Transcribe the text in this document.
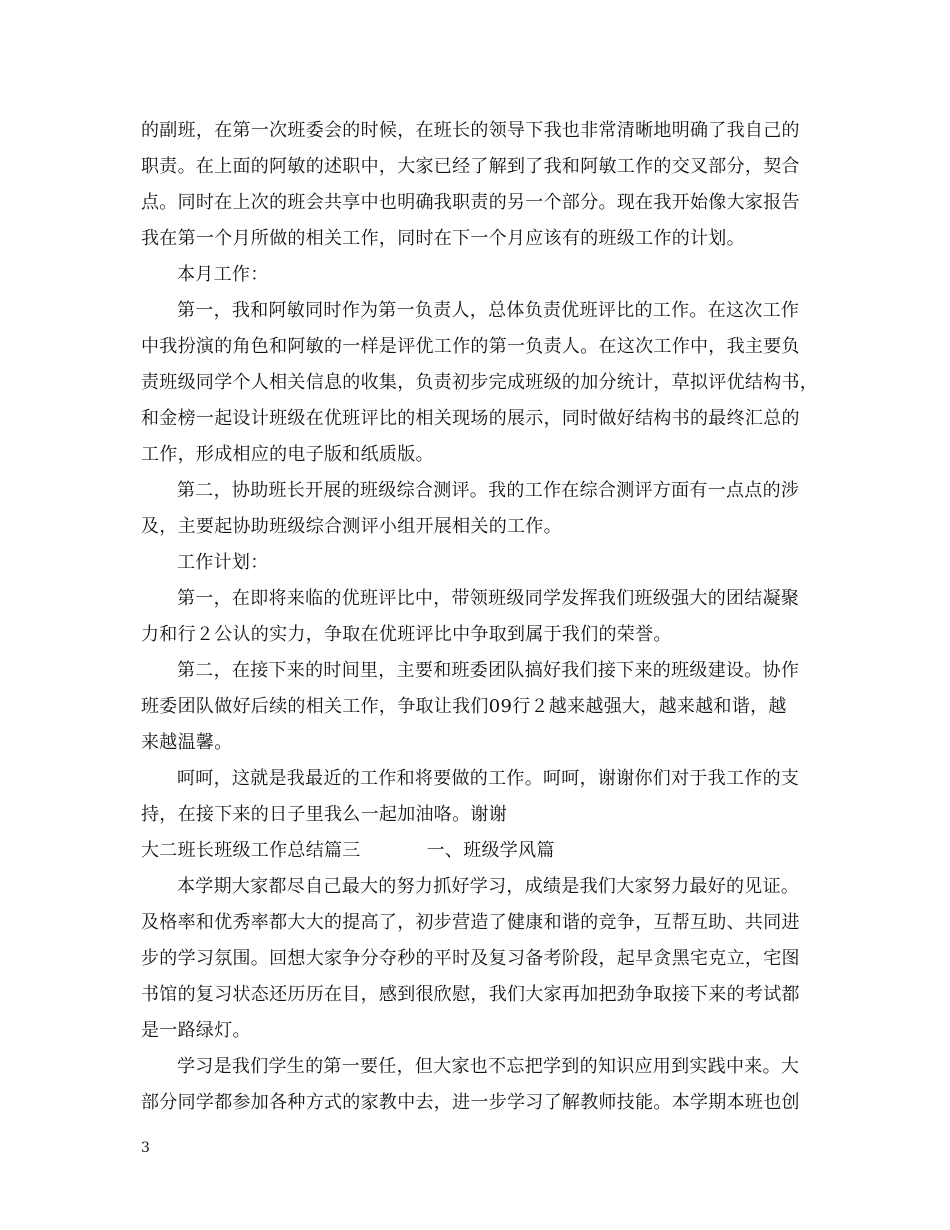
的副班，在第一次班委会的时候，在班长的领导下我也非常清晰地明确了我自己的
职责。在上面的阿敏的述职中，大家已经了解到了我和阿敏工作的交叉部分，契合
点。同时在上次的班会共享中也明确我职责的另一个部分。现在我开始像大家报告
我在第一个月所做的相关工作，同时在下一个月应该有的班级工作的计划。
本月工作：
第一，我和阿敏同时作为第一负责人，总体负责优班评比的工作。在这次工作
中我扮演的角色和阿敏的一样是评优工作的第一负责人。在这次工作中，我主要负
责班级同学个人相关信息的收集，负责初步完成班级的加分统计，草拟评优结构书，
和金榜一起设计班级在优班评比的相关现场的展示，同时做好结构书的最终汇总的
工作，形成相应的电子版和纸质版。
第二，协助班长开展的班级综合测评。我的工作在综合测评方面有一点点的涉
及，主要起协助班级综合测评小组开展相关的工作。
工作计划：
第一，在即将来临的优班评比中，带领班级同学发挥我们班级强大的团结凝聚
力和行２公认的实力，争取在优班评比中争取到属于我们的荣誉。
第二，在接下来的时间里，主要和班委团队搞好我们接下来的班级建设。协作
班委团队做好后续的相关工作，争取让我们09行２越来越强大，越来越和谐，越
来越温馨。
呵呵，这就是我最近的工作和将要做的工作。呵呵，谢谢你们对于我工作的支
持，在接下来的日子里我么一起加油咯。谢谢
大二班长班级工作总结篇三	一、班级学风篇
本学期大家都尽自己最大的努力抓好学习，成绩是我们大家努力最好的见证。
及格率和优秀率都大大的提高了，初步营造了健康和谐的竞争，互帮互助、共同进
步的学习氛围。回想大家争分夺秒的平时及复习备考阶段，起早贪黑宅克立，宅图
书馆的复习状态还历历在目，感到很欣慰，我们大家再加把劲争取接下来的考试都
是一路绿灯。
学习是我们学生的第一要任，但大家也不忘把学到的知识应用到实践中来。大
部分同学都参加各种方式的家教中去，进一步学习了解教师技能。本学期本班也创
3
